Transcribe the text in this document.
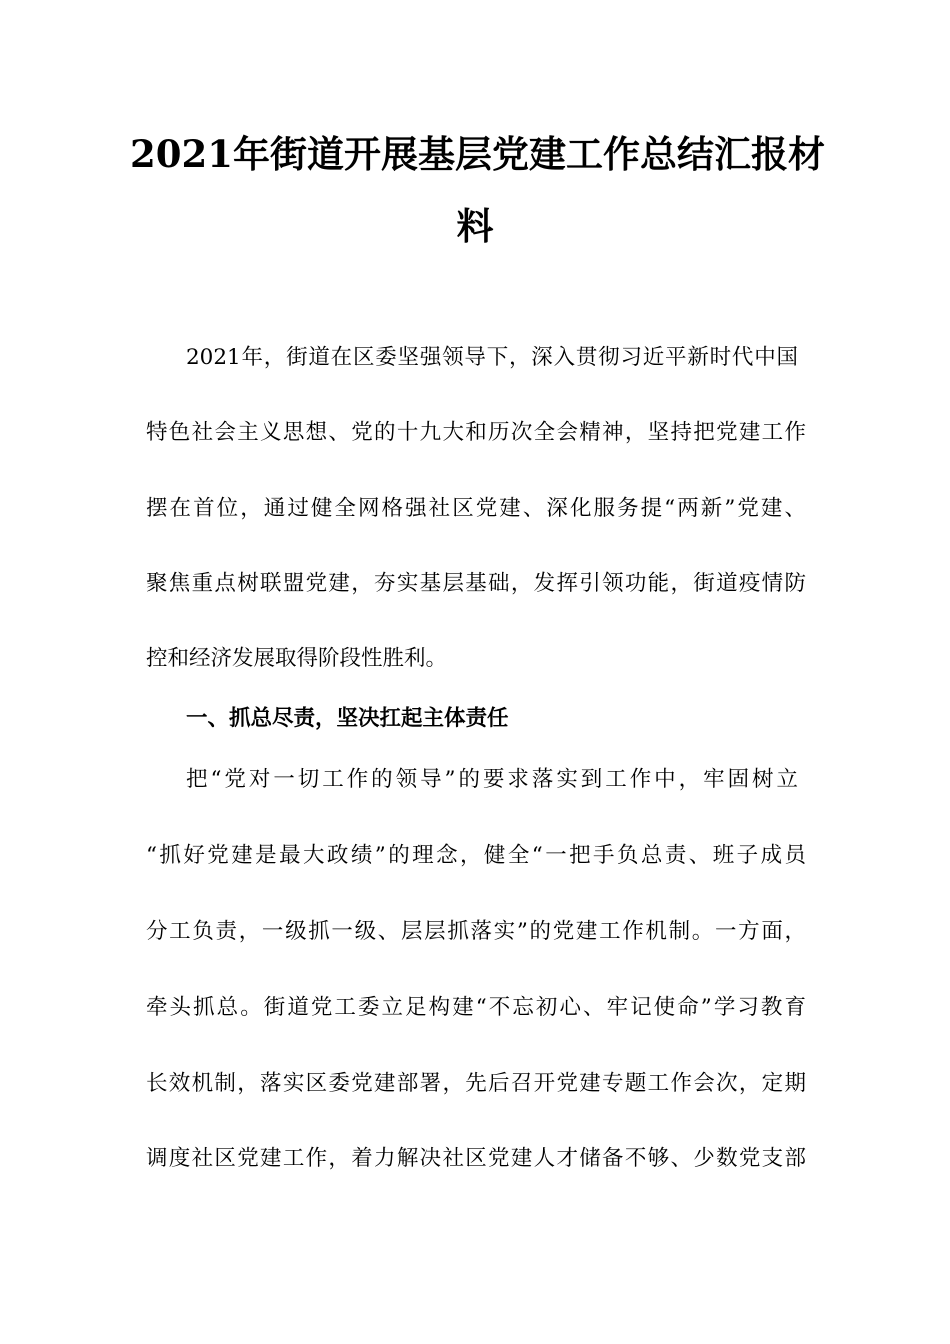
2021年街道开展基层党建工作总结汇报材
料
2021年，街道在区委坚强领导下，深入贯彻习近平新时代中国
特色社会主义思想、党的十九大和历次全会精神，坚持把党建工作
摆在首位，通过健全网格强社区党建、深化服务提“两新”党建、
聚焦重点树联盟党建，夯实基层基础，发挥引领功能，街道疫情防
控和经济发展取得阶段性胜利。
一、抓总尽责，坚决扛起主体责任
把“党对一切工作的领导”的要求落实到工作中，牢固树立
“抓好党建是最大政绩”的理念，健全“一把手负总责、班子成员
分工负责，一级抓一级、层层抓落实”的党建工作机制。一方面，
牵头抓总。街道党工委立足构建“不忘初心、牢记使命”学习教育
长效机制，落实区委党建部署，先后召开党建专题工作会次，定期
调度社区党建工作，着力解决社区党建人才储备不够、少数党支部
